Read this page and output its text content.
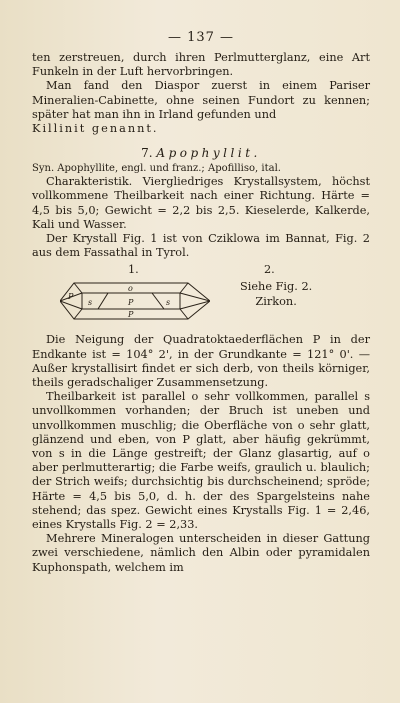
— 137 —

ten zerstreuen, durch ihren Perlmutterglanz, eine Art Funkeln in der Luft hervorbringen.

Man fand den Diaspor zuerst in einem Pariser Mineralien-Cabinette, ohne seinen Fundort zu kennen; später hat man ihn in Irland gefunden und

Killinit genannt.

7. Apophyllit.

Syn. Apophyllite, engl. und franz.; Apofilliso, ital.

Charakteristik. Viergliedriges Krystallsystem, höchst vollkommene Theilbarkeit nach einer Richtung. Härte = 4,5 bis 5,0; Gewicht = 2,2 bis 2,5. Kieselerde, Kalkerde, Kali und Wasser.

Der Krystall Fig. 1 ist von Cziklowa im Bannat, Fig. 2 aus dem Fassathal in Tyrol.

1.	2.
Siehe Fig. 2.
Zirkon.
o
P
s	P	s
P

Die Neigung der Quadratoktaederflächen P in der Endkante ist = 104° 2', in der Grundkante = 121° 0'. — Außer krystallisirt findet er sich derb, von theils körniger, theils geradschaliger Zusammensetzung.

Theilbarkeit ist parallel o sehr vollkommen, parallel s unvollkommen vorhanden; der Bruch ist uneben und unvollkommen muschlig; die Oberfläche von o sehr glatt, glänzend und eben, von P glatt, aber häufig gekrümmt, von s in die Länge gestreift; der Glanz glasartig, auf o aber perlmutterartig; die Farbe weifs, graulich u. blaulich; der Strich weifs; durchsichtig bis durchscheinend; spröde; Härte = 4,5 bis 5,0, d. h. der des Spargelsteins nahe stehend; das spez. Gewicht eines Krystalls Fig. 1 = 2,46, eines Krystalls Fig. 2 = 2,33.

Mehrere Mineralogen unterscheiden in dieser Gattung zwei verschiedene, nämlich den Albin oder pyramidalen Kuphonspath, welchem im
